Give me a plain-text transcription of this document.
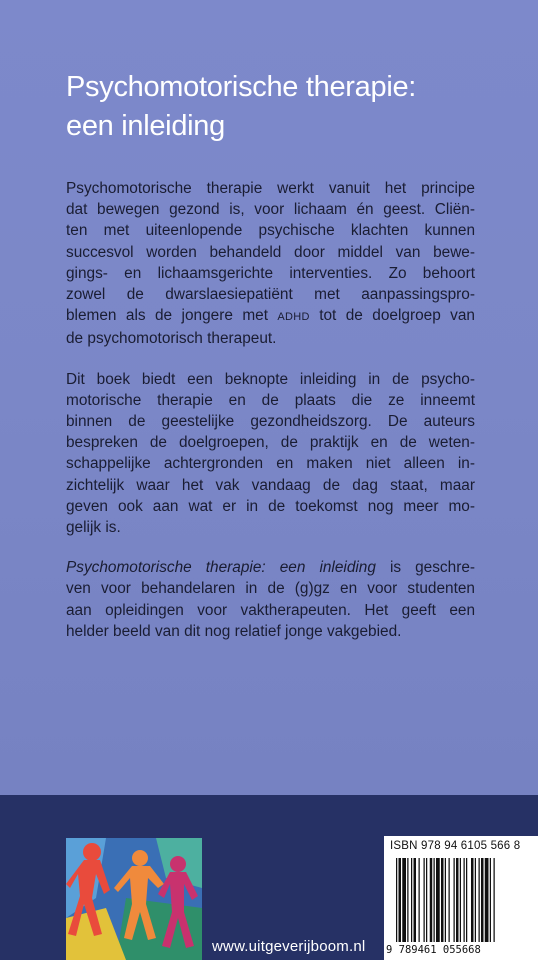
Psychomotorische therapie:
een inleiding

Psychomotorische therapie werkt vanuit het principe
dat bewegen gezond is, voor lichaam én geest. Cliën-
ten met uiteenlopende psychische klachten kunnen
succesvol worden behandeld door middel van bewe-
gings- en lichaamsgerichte interventies. Zo behoort
zowel de dwarslaesiepatiënt met aanpassingspro-
blemen als de jongere met ADHD tot de doelgroep van
de psychomotorisch therapeut.

Dit boek biedt een beknopte inleiding in de psycho-
motorische therapie en de plaats die ze inneemt
binnen de geestelijke gezondheidszorg. De auteurs
bespreken de doelgroepen, de praktijk en de weten-
schappelijke achtergronden en maken niet alleen in-
zichtelijk waar het vak vandaag de dag staat, maar
geven ook aan wat er in de toekomst nog meer mo-
gelijk is.

Psychomotorische therapie: een inleiding is geschre-
ven voor behandelaren in de (g)gz en voor studenten
aan opleidingen voor vaktherapeuten. Het geeft een
helder beeld van dit nog relatief jonge vakgebied.

www.uitgeverijboom.nl
ISBN 978 94 6105 566 8
9 789461 055668
